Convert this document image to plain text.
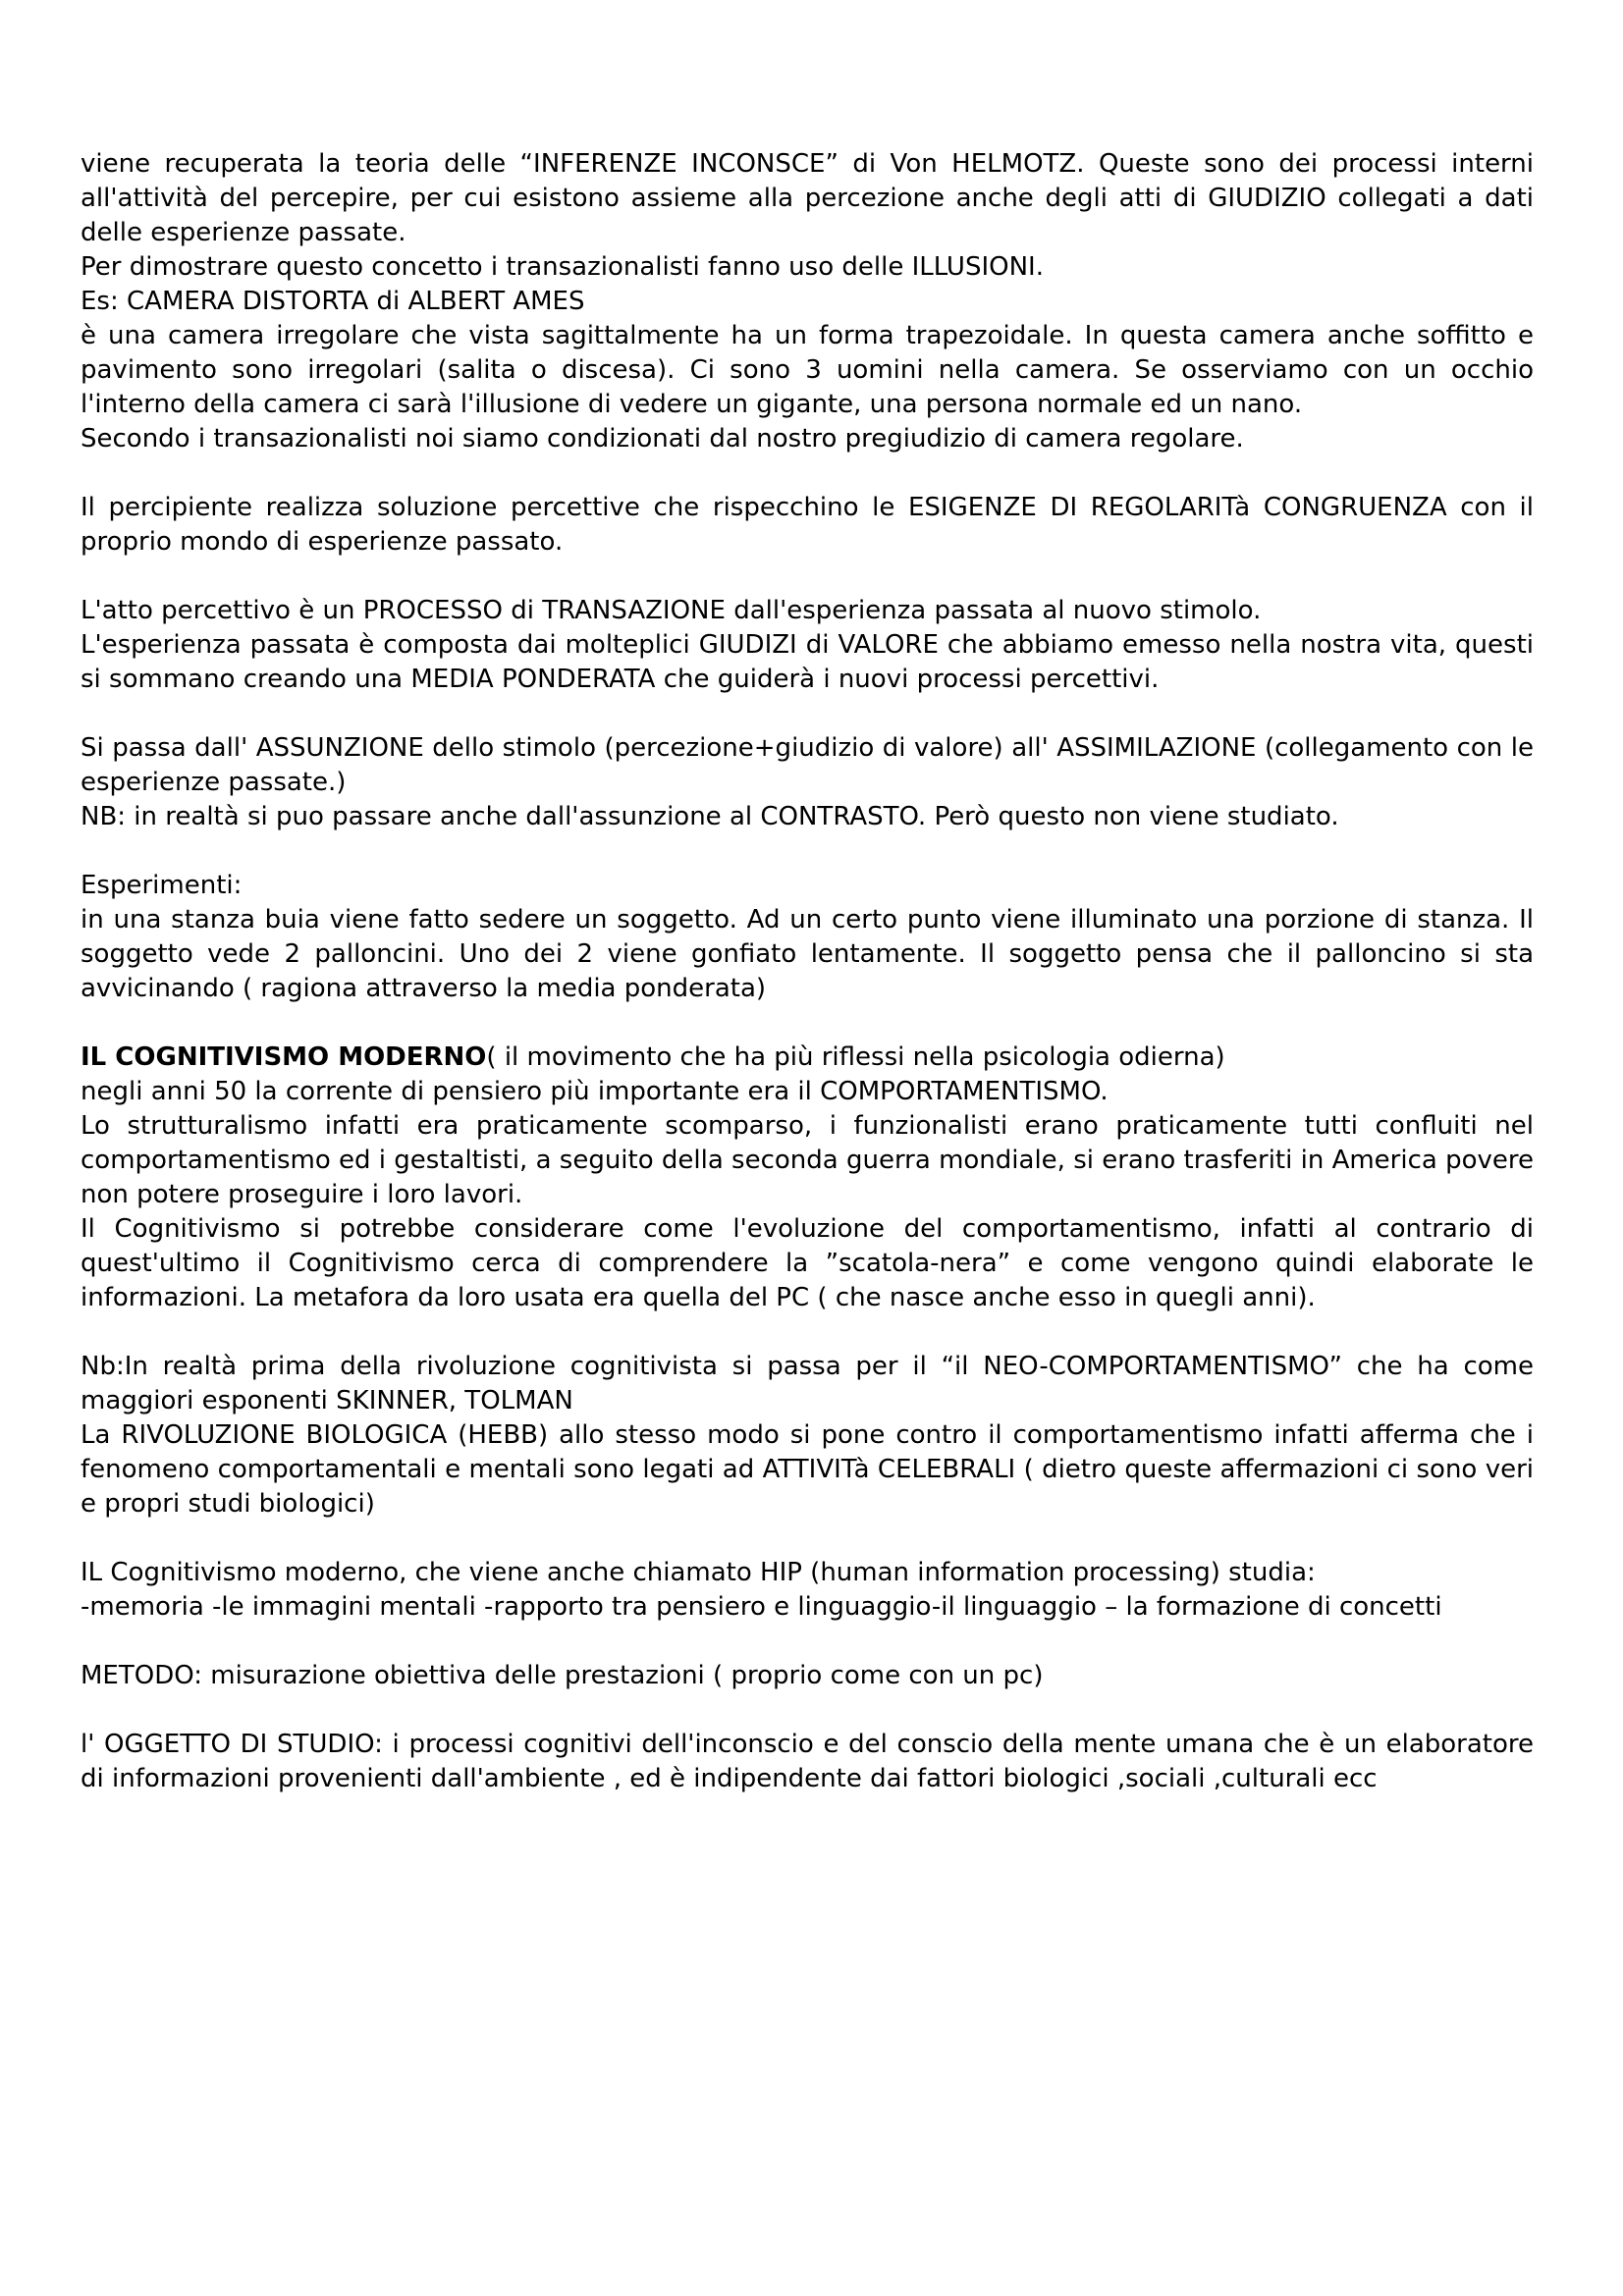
viene recuperata la teoria delle “INFERENZE INCONSCE” di Von HELMOTZ. Queste sono dei processi interni all'attività del percepire, per cui esistono assieme alla percezione anche degli atti di GIUDIZIO collegati a dati delle esperienze passate.

Per dimostrare questo concetto i transazionalisti fanno uso delle ILLUSIONI.

Es: CAMERA DISTORTA di ALBERT AMES

è una camera irregolare che vista sagittalmente ha un forma trapezoidale. In questa camera anche soffitto e pavimento sono irregolari (salita o discesa). Ci sono 3 uomini nella camera. Se osserviamo con un occhio l'interno della camera ci sarà l'illusione di vedere un gigante, una persona normale ed un nano.

Secondo i transazionalisti noi siamo condizionati dal nostro pregiudizio di camera regolare.

Il percipiente realizza soluzione percettive che rispecchino le ESIGENZE DI REGOLARITà CONGRUENZA con il proprio mondo di esperienze passato.

L'atto percettivo è un PROCESSO di TRANSAZIONE dall'esperienza passata al nuovo stimolo.

L'esperienza passata è composta dai molteplici GIUDIZI di VALORE che abbiamo emesso nella nostra vita, questi si sommano creando una MEDIA PONDERATA che guiderà i nuovi processi percettivi.

Si passa dall' ASSUNZIONE dello stimolo (percezione+giudizio di valore) all' ASSIMILAZIONE (collegamento con le esperienze passate.)

NB: in realtà si puo passare anche dall'assunzione al CONTRASTO. Però questo non viene studiato.

Esperimenti:

in una stanza buia viene fatto sedere un soggetto. Ad un certo punto viene illuminato una porzione di stanza. Il soggetto vede 2 palloncini. Uno dei 2 viene gonfiato lentamente. Il soggetto pensa che il palloncino si sta avvicinando ( ragiona attraverso la media ponderata)

IL COGNITIVISMO MODERNO( il movimento che ha più riflessi nella psicologia odierna)

negli anni 50 la corrente di pensiero più importante era il COMPORTAMENTISMO.

Lo strutturalismo infatti era praticamente scomparso, i funzionalisti erano praticamente tutti confluiti nel comportamentismo ed i gestaltisti, a seguito della seconda guerra mondiale, si erano trasferiti in America povere non potere proseguire i loro lavori.

Il Cognitivismo si potrebbe considerare come l'evoluzione del comportamentismo, infatti al contrario di quest'ultimo il Cognitivismo cerca di comprendere la ”scatola-nera” e come vengono quindi elaborate le informazioni. La metafora da loro usata era quella del PC ( che nasce anche esso in quegli anni).

Nb:In realtà prima della rivoluzione cognitivista si passa per il “il NEO-COMPORTAMENTISMO” che ha come maggiori esponenti SKINNER, TOLMAN

La RIVOLUZIONE BIOLOGICA (HEBB) allo stesso modo si pone contro il comportamentismo infatti afferma che i fenomeno comportamentali e mentali sono legati ad ATTIVITà CELEBRALI ( dietro queste affermazioni ci sono veri e propri studi biologici)

IL Cognitivismo moderno, che viene anche chiamato HIP (human information processing) studia:

-memoria -le immagini mentali -rapporto tra pensiero e linguaggio-il linguaggio – la formazione di concetti

METODO: misurazione obiettiva delle prestazioni ( proprio come con un pc)

l' OGGETTO DI STUDIO: i processi cognitivi dell'inconscio e del conscio della mente umana che è un elaboratore di informazioni provenienti dall'ambiente , ed è indipendente dai fattori biologici ,sociali ,culturali ecc
